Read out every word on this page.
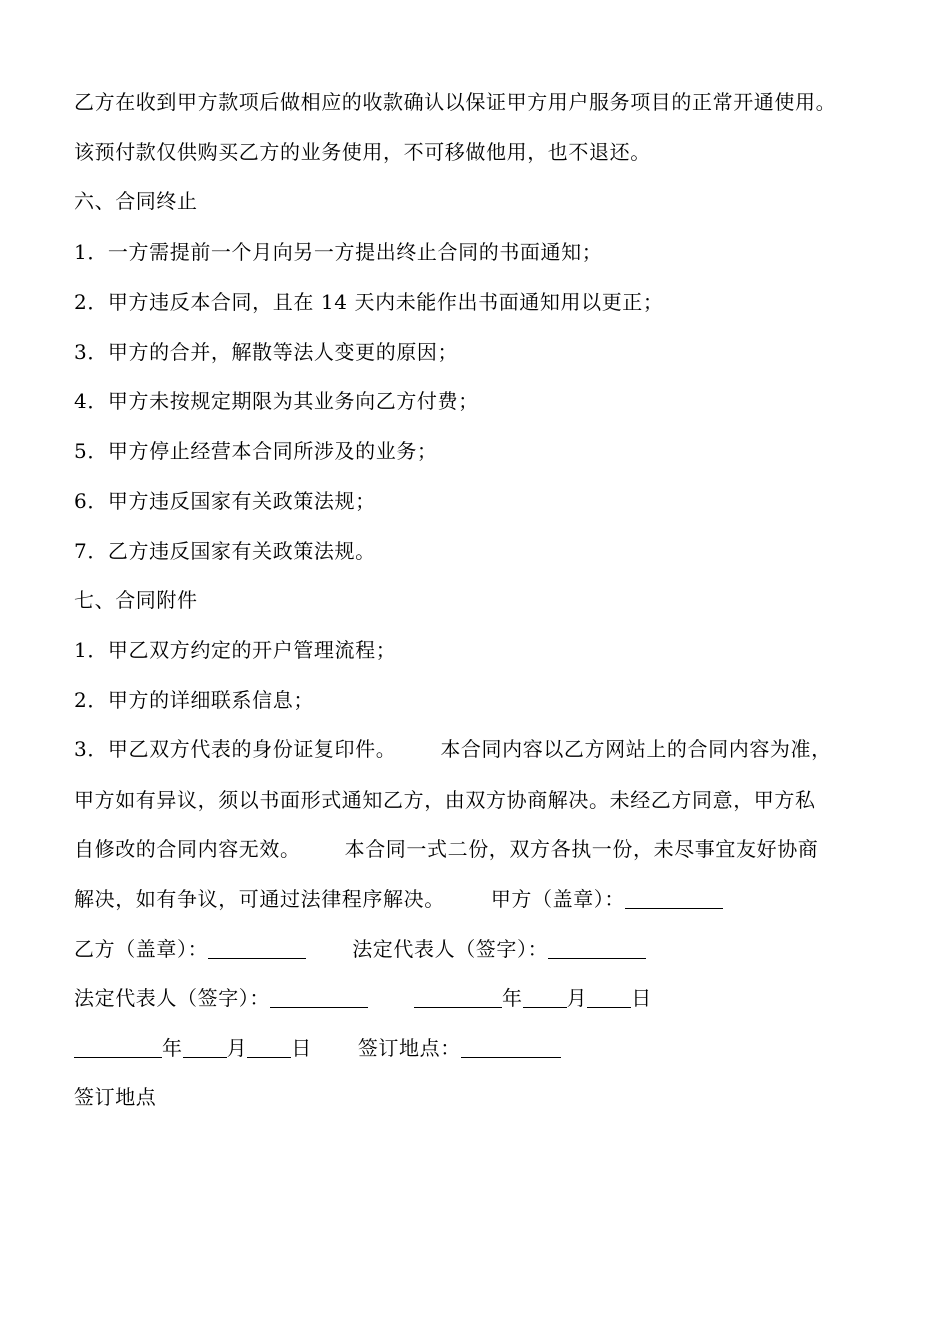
乙方在收到甲方款项后做相应的收款确认以保证甲方用户服务项目的正常开通使用。
该预付款仅供购买乙方的业务使用，不可移做他用，也不退还。
六、合同终止
1．一方需提前一个月向另一方提出终止合同的书面通知；
2．甲方违反本合同，且在 14 天内未能作出书面通知用以更正；
3．甲方的合并，解散等法人变更的原因；
4．甲方未按规定期限为其业务向乙方付费；
5．甲方停止经营本合同所涉及的业务；
6．甲方违反国家有关政策法规；
7．乙方违反国家有关政策法规。
七、合同附件
1．甲乙双方约定的开户管理流程；
2．甲方的详细联系信息；
3．甲乙双方代表的身份证复印件。 本合同内容以乙方网站上的合同内容为准，
甲方如有异议，须以书面形式通知乙方，由双方协商解决。未经乙方同意，甲方私
自修改的合同内容无效。 本合同一式二份，双方各执一份，未尽事宜友好协商
解决，如有争议，可通过法律程序解决。 甲方（盖章）：
乙方（盖章）：	法定代表人（签字）：
法定代表人（签字）：	年 月 日
年 月 日 签订地点：
签订地点
